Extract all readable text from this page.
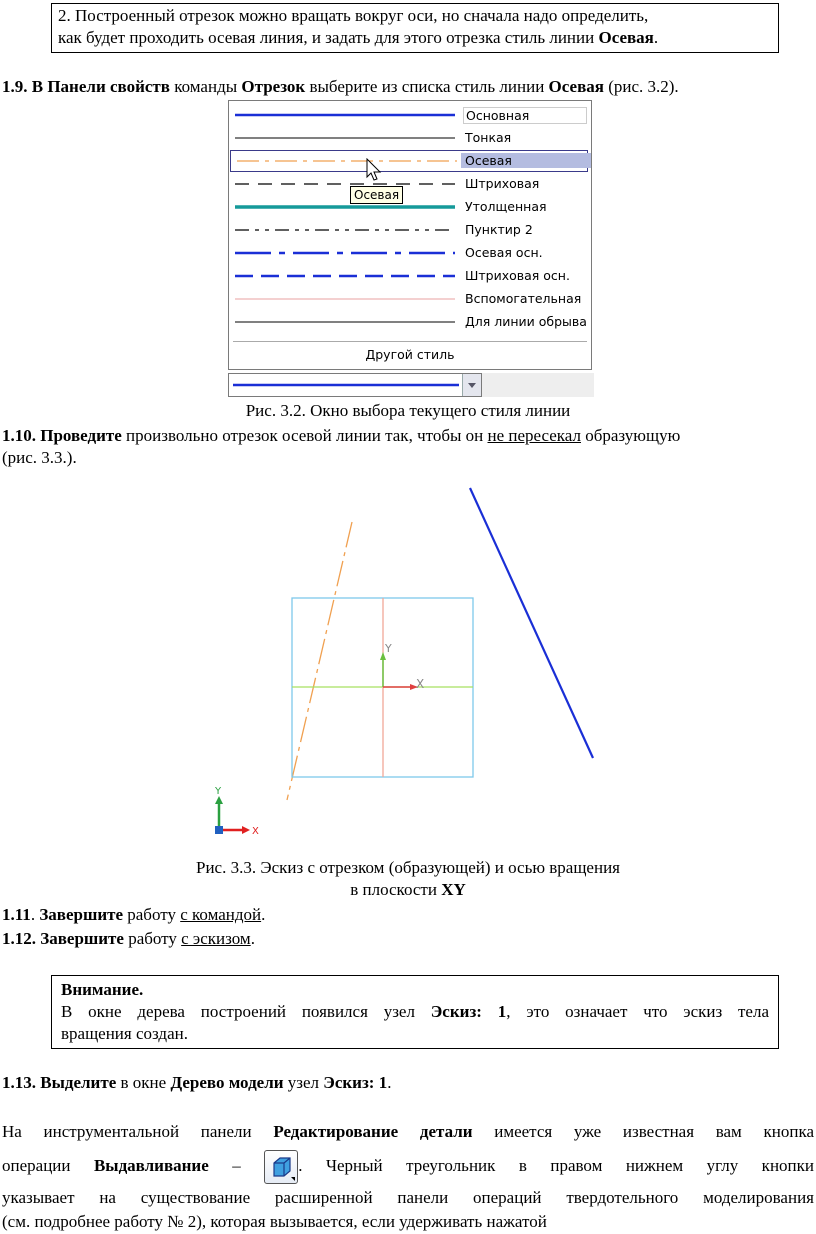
2. Построенный отрезок можно вращать вокруг оси, но сначала надо определить,
как будет проходить осевая линия, и задать для этого отрезка стиль линии Осевая.
1.9. В Панели свойств команды Отрезок выберите из списка стиль линии Осевая (рис. 3.2).
Основная
Тонкая
Осевая
Штриховая
Утолщенная
Пунктир 2
Осевая осн.
Штриховая осн.
Вспомогательная
Для линии обрыва
Другой стиль
Осевая
Рис. 3.2. Окно выбора текущего стиля линии
1.10. Проведите произвольно отрезок осевой линии так, чтобы он не пересекал образующую
(рис. 3.3.).
Y
X
Y
X
Рис. 3.3. Эскиз с отрезком (образующей) и осью вращения
в плоскости XY
1.11. Завершите работу с командой.
1.12. Завершите работу с эскизом.
Внимание.
В окне дерева построений появился узел Эскиз: 1, это означает что эскиз тела
вращения создан.
1.13. Выделите в окне Дерево модели узел Эскиз: 1.
На инструментальной панели Редактирование детали имеется уже известная вам кнопка
операции Выдавливание –	. Черный треугольник в правом нижнем углу кнопки
указывает на существование расширенной панели операций твердотельного моделирования
(см. подробнее работу № 2), которая вызывается, если удерживать нажатой
